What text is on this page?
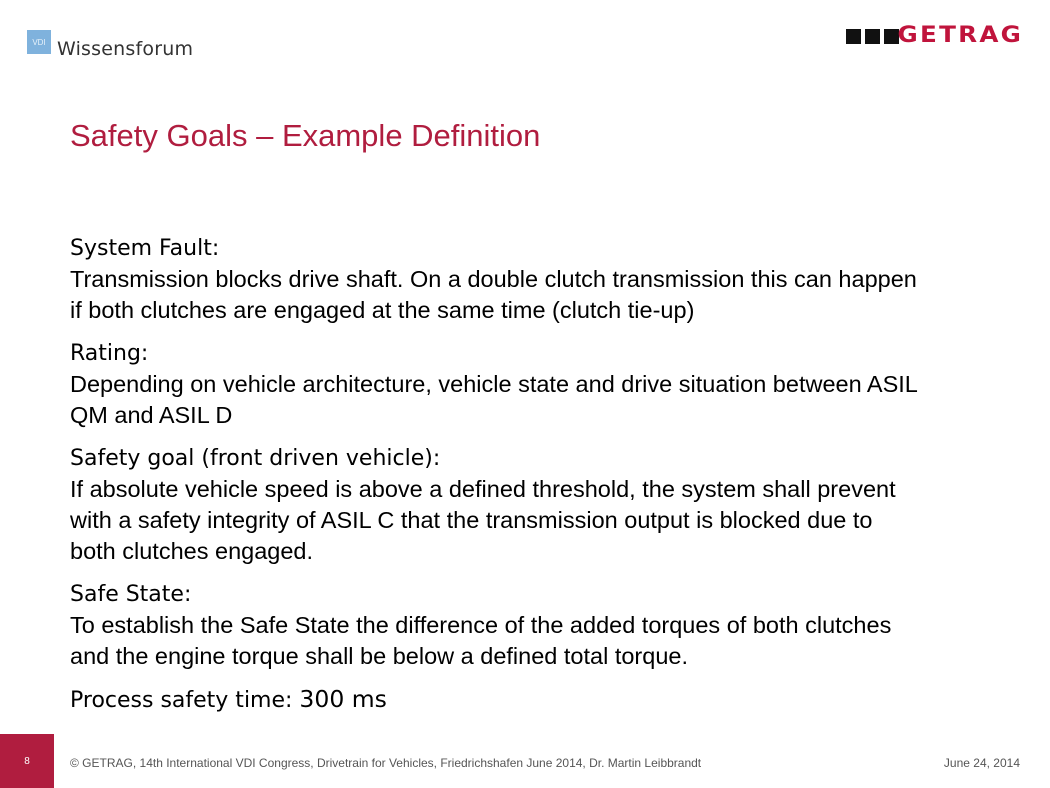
VDI Wissensforum
GETRAG
Safety Goals – Example Definition
System Fault:
Transmission blocks drive shaft. On a double clutch transmission this can happen
if both clutches are engaged at the same time (clutch tie-up)
Rating:
Depending on vehicle architecture, vehicle state and drive situation between ASIL
QM and ASIL D
Safety goal (front driven vehicle):
If absolute vehicle speed is above a defined threshold, the system shall prevent
with a safety integrity of ASIL C that the transmission output is blocked due to
both clutches engaged.
Safe State:
To establish the Safe State the difference of the added torques of both clutches
and the engine torque shall be below a defined total torque.
Process safety time: 300 ms
8	© GETRAG, 14th International VDI Congress, Drivetrain for Vehicles, Friedrichshafen June 2014, Dr. Martin Leibbrandt	June 24, 2014
